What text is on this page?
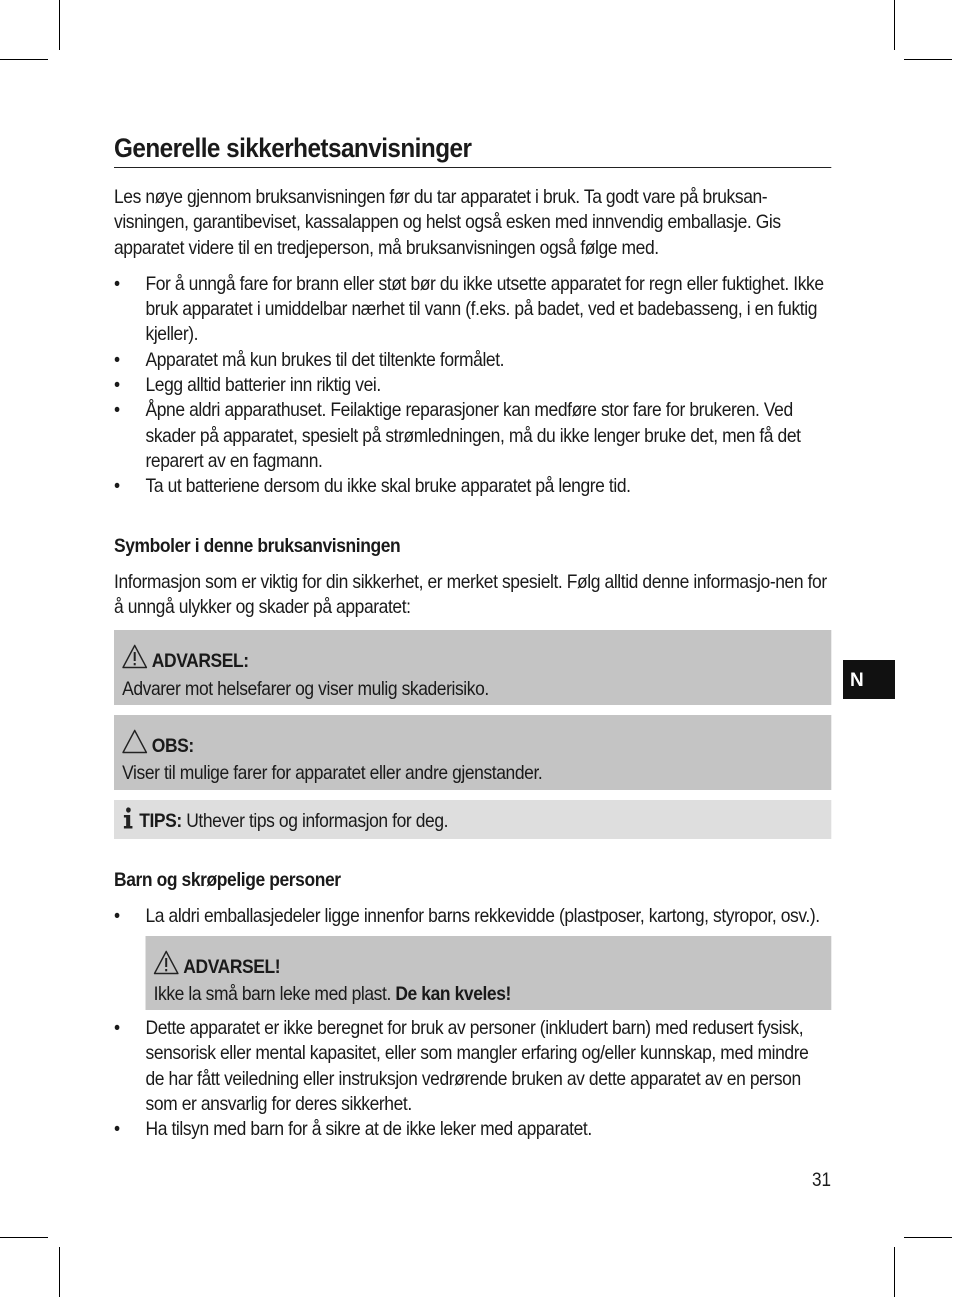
Generelle sikkerhetsanvisninger

Les nøye gjennom bruksanvisningen før du tar apparatet i bruk. Ta godt vare på bruksan-visningen, garantibeviset, kassalappen og helst også esken med innvendig emballasje. Gis apparatet videre til en tredjeperson, må bruksanvisningen også følge med.

• For å unngå fare for brann eller støt bør du ikke utsette apparatet for regn eller fuktighet. Ikke bruk apparatet i umiddelbar nærhet til vann (f.eks. på badet, ved et badebasseng, i en fuktig kjeller).
• Apparatet må kun brukes til det tiltenkte formålet.
• Legg alltid batterier inn riktig vei.
• Åpne aldri apparathuset. Feilaktige reparasjoner kan medføre stor fare for brukeren. Ved skader på apparatet, spesielt på strømledningen, må du ikke lenger bruke det, men få det reparert av en fagmann.
• Ta ut batteriene dersom du ikke skal bruke apparatet på lengre tid.
Symboler i denne bruksanvisningen

Informasjon som er viktig for din sikkerhet, er merket spesielt. Følg alltid denne informasjo-nen for å unngå ulykker og skader på apparatet:

ADVARSEL:
Advarer mot helsefarer og viser mulig skaderisiko.
OBS:
Viser til mulige farer for apparatet eller andre gjenstander.
TIPS: Uthever tips og informasjon for deg.
Barn og skrøpelige personer
• La aldri emballasjedeler ligge innenfor barns rekkevidde (plastposer, kartong, styropor, osv.).
ADVARSEL!
Ikke la små barn leke med plast. De kan kveles!
• Dette apparatet er ikke beregnet for bruk av personer (inkludert barn) med redusert fysisk, sensorisk eller mental kapasitet, eller som mangler erfaring og/eller kunnskap, med mindre de har fått veiledning eller instruksjon vedrørende bruken av dette apparatet av en person som er ansvarlig for deres sikkerhet.
• Ha tilsyn med barn for å sikre at de ikke leker med apparatet.
N
31
